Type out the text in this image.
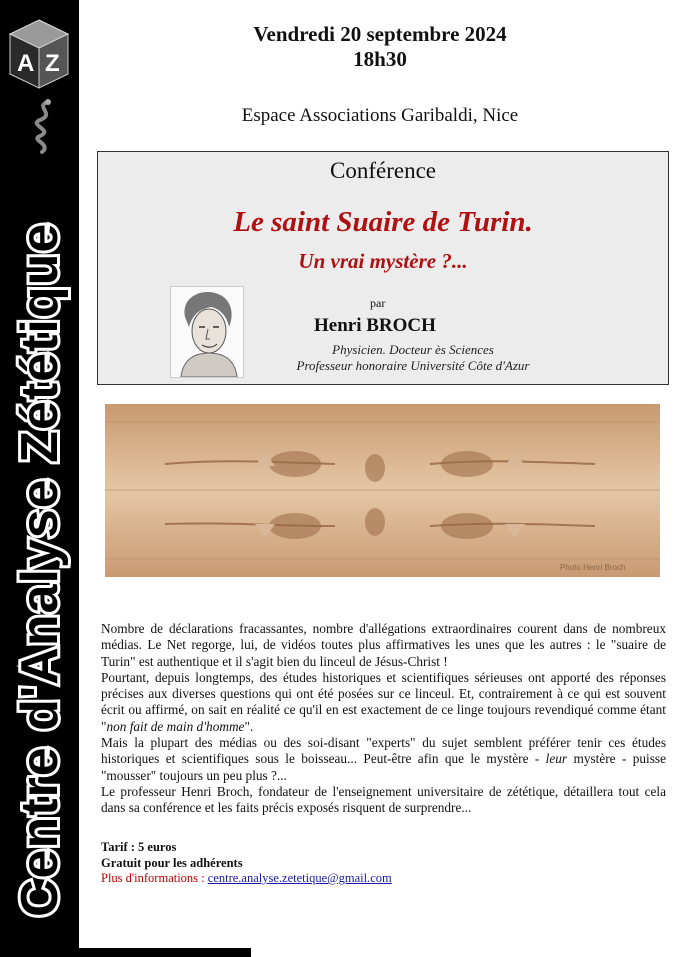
A Z
Centre d'Analyse Zététique
Vendredi 20 septembre 2024
18h30
Espace Associations Garibaldi, Nice
Conférence
Le saint Suaire de Turin.
Un vrai mystère ?...
par
Henri BROCH
Physicien. Docteur ès Sciences
Professeur honoraire Université Côte d'Azur
Photo Henri Broch

Nombre de déclarations fracassantes, nombre d'allégations extraordinaires courent dans de nombreux médias. Le Net regorge, lui, de vidéos toutes plus affirmatives les unes que les autres : le "suaire de Turin" est authentique et il s'agit bien du linceul de Jésus-Christ !

Pourtant, depuis longtemps, des études historiques et scientifiques sérieuses ont apporté des réponses précises aux diverses questions qui ont été posées sur ce linceul. Et, contrairement à ce qui est souvent écrit ou affirmé, on sait en réalité ce qu'il en est exactement de ce linge toujours revendiqué comme étant "non fait de main d'homme".

Mais la plupart des médias ou des soi-disant "experts" du sujet semblent préférer tenir ces études historiques et scientifiques sous le boisseau... Peut-être afin que le mystère - leur mystère - puisse "mousser" toujours un peu plus ?...

Le professeur Henri Broch, fondateur de l'enseignement universitaire de zététique, détaillera tout cela dans sa conférence et les faits précis exposés risquent de surprendre...

Tarif : 5 euros
Gratuit pour les adhérents
Plus d'informations : centre.analyse.zetetique@gmail.com
